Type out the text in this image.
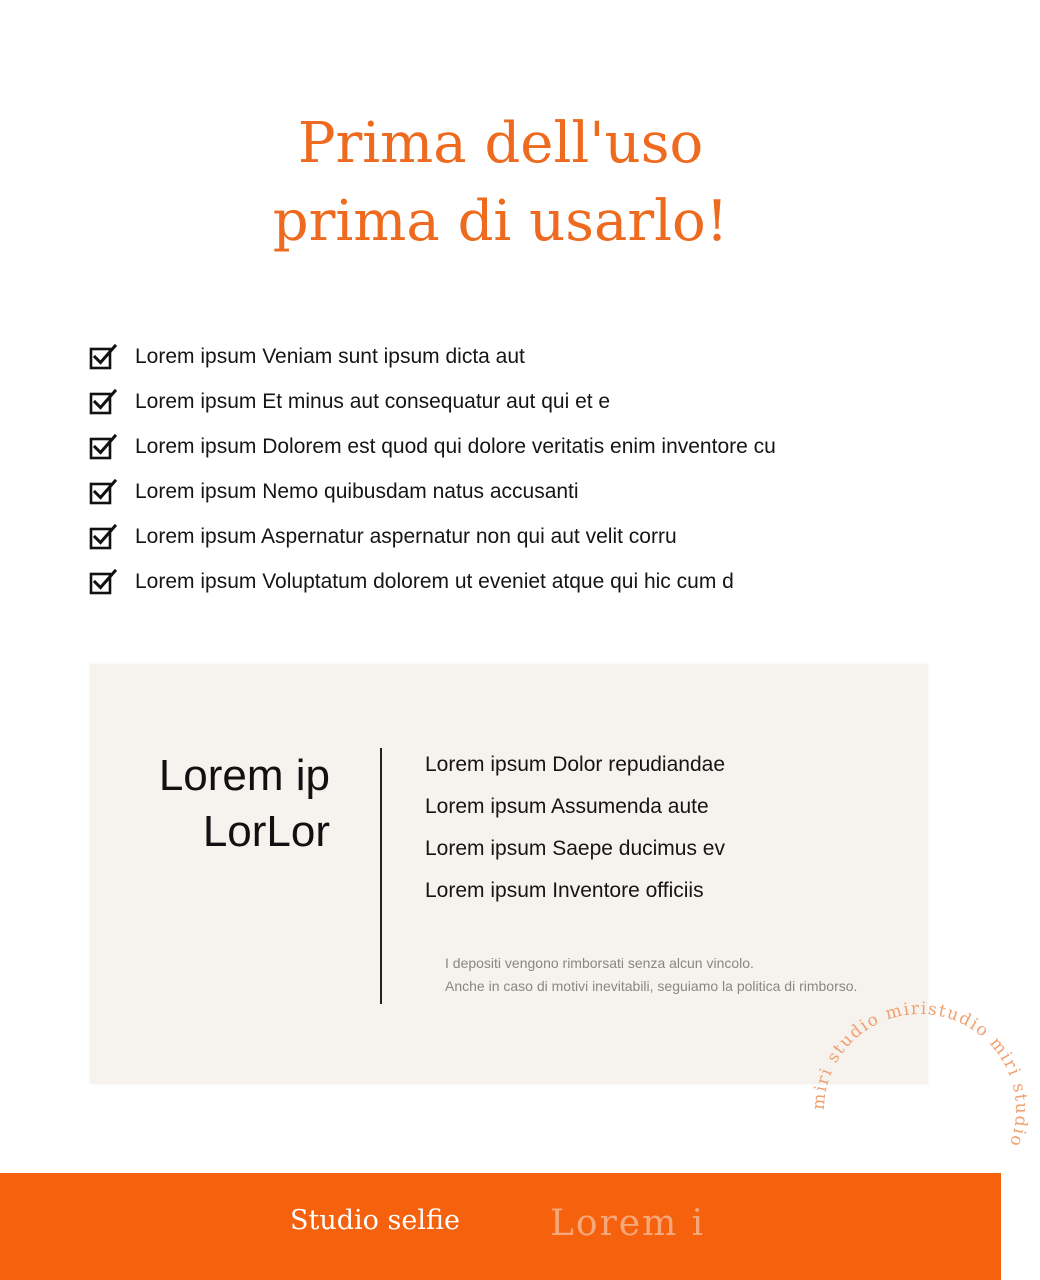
Prima dell'uso
prima di usarlo!
Lorem ipsum Veniam sunt ipsum dicta aut
Lorem ipsum Et minus aut consequatur aut qui et e
Lorem ipsum Dolorem est quod qui dolore veritatis enim inventore cu
Lorem ipsum Nemo quibusdam natus accusanti
Lorem ipsum Aspernatur aspernatur non qui aut velit corru
Lorem ipsum Voluptatum dolorem ut eveniet atque qui hic cum d
Lorem ip
LorLor
Lorem ipsum Dolor repudiandae
Lorem ipsum Assumenda aute
Lorem ipsum Saepe ducimus ev
Lorem ipsum Inventore officiis
I depositi vengono rimborsati senza alcun vincolo.
Anche in caso di motivi inevitabili, seguiamo la politica di rimborso.
Studio selfie	Lorem i
miri studio miristudio miri studio
